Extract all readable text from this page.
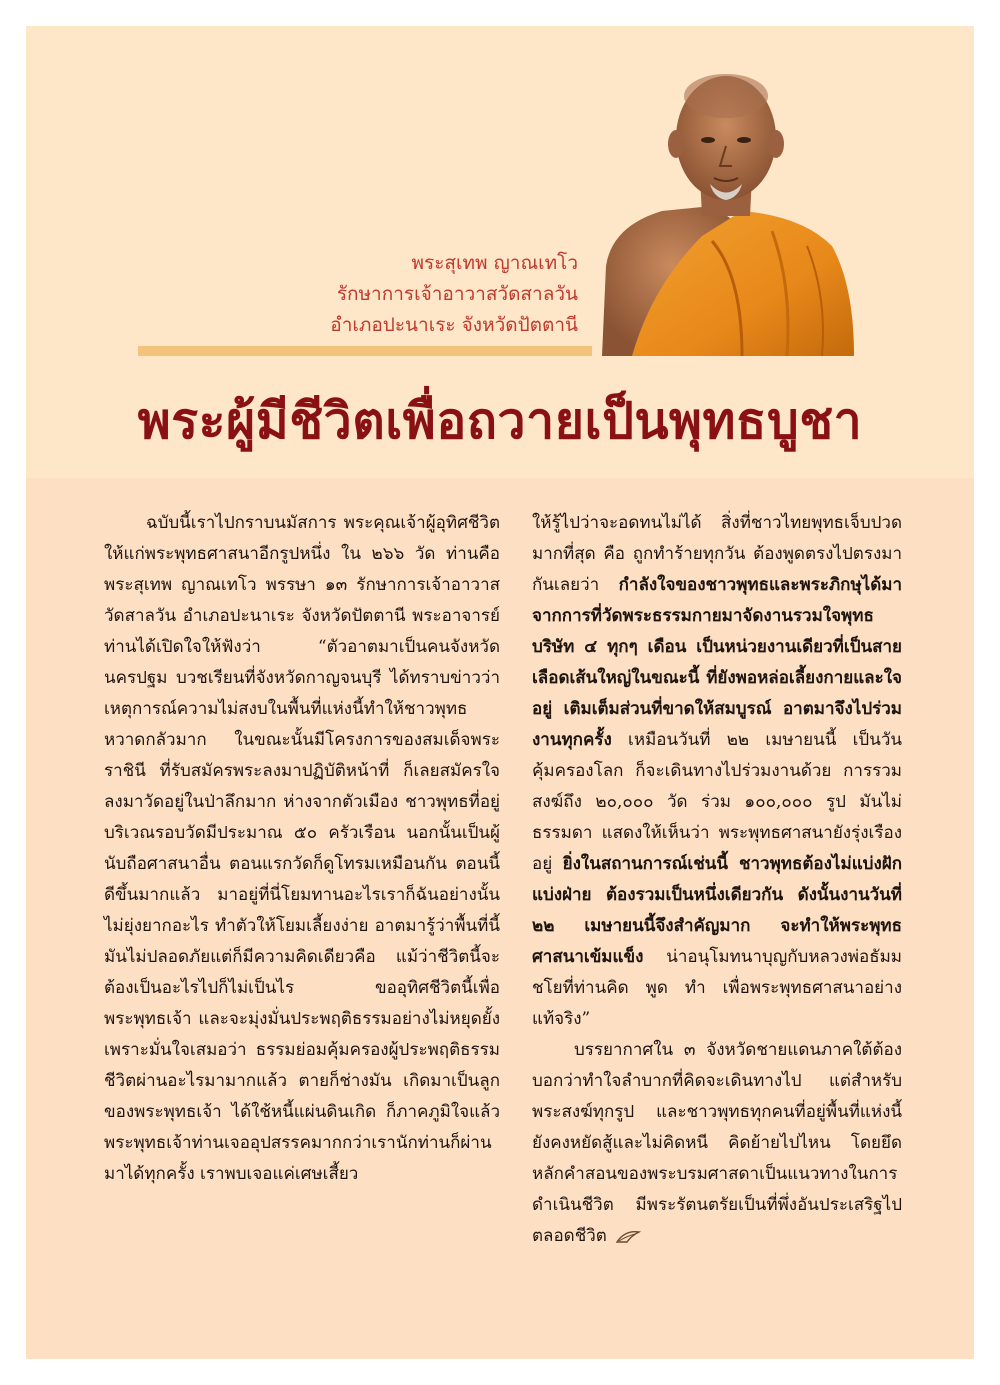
พระสุเทพ ญาณเทโว
รักษาการเจ้าอาวาสวัดสาลวัน
อำเภอปะนาเระ จังหวัดปัตตานี
พระผู้มีชีวิตเพื่อถวายเป็นพุทธบูชา

ฉบับนี้เราไปกราบนมัสการ พระคุณเจ้าผู้อุทิศชีวิตให้แก่พระพุทธศาสนาอีกรูปหนึ่ง ใน ๒๖๖ วัด ท่านคือ พระสุเทพ ญาณเทโว พรรษา ๑๓ รักษาการเจ้าอาวาสวัดสาลวัน อำเภอปะนาเระ จังหวัดปัตตานี พระอาจารย์ท่านได้เปิดใจให้ฟังว่า “ตัวอาตมาเป็นคนจังหวัดนครปฐม บวชเรียนที่จังหวัดกาญจนบุรี ได้ทราบข่าวว่าเหตุการณ์ความไม่สงบในพื้นที่แห่งนี้ทำให้ชาวพุทธหวาดกลัวมาก ในขณะนั้นมีโครงการของสมเด็จพระราชินี ที่รับสมัครพระลงมาปฏิบัติหน้าที่ ก็เลยสมัครใจลงมาวัดอยู่ในป่าลึกมาก ห่างจากตัวเมือง ชาวพุทธที่อยู่บริเวณรอบวัดมีประมาณ ๕๐ ครัวเรือน นอกนั้นเป็นผู้นับถือศาสนาอื่น ตอนแรกวัดก็ดูโทรมเหมือนกัน ตอนนี้ดีขึ้นมากแล้ว มาอยู่ที่นี่โยมทานอะไรเราก็ฉันอย่างนั้น ไม่ยุ่งยากอะไร ทำตัวให้โยมเลี้ยงง่าย อาตมารู้ว่าพื้นที่นี้มันไม่ปลอดภัยแต่ก็มีความคิดเดียวคือ แม้ว่าชีวิตนี้จะต้องเป็นอะไรไปก็ไม่เป็นไร ขออุทิศชีวิตนี้เพื่อพระพุทธเจ้า และจะมุ่งมั่นประพฤติธรรมอย่างไม่หยุดยั้ง เพราะมั่นใจเสมอว่า ธรรมย่อมคุ้มครองผู้ประพฤติธรรม ชีวิตผ่านอะไรมามากแล้ว ตายก็ช่างมัน เกิดมาเป็นลูกของพระพุทธเจ้า ได้ใช้หนี้แผ่นดินเกิด ก็ภาคภูมิใจแล้ว พระพุทธเจ้าท่านเจออุปสรรคมากกว่าเรานักท่านก็ผ่านมาได้ทุกครั้ง เราพบเจอแค่เศษเสี้ยว

ให้รู้ไปว่าจะอดทนไม่ได้ สิ่งที่ชาวไทยพุทธเจ็บปวดมากที่สุด คือ ถูกทำร้ายทุกวัน ต้องพูดตรงไปตรงมากันเลยว่า กำลังใจของชาวพุทธและพระภิกษุได้มาจากการที่วัดพระธรรมกายมาจัดงานรวมใจพุทธบริษัท ๔ ทุกๆ เดือน เป็นหน่วยงานเดียวที่เป็นสายเลือดเส้นใหญ่ในขณะนี้ ที่ยังพอหล่อเลี้ยงกายและใจอยู่ เติมเต็มส่วนที่ขาดให้สมบูรณ์ อาตมาจึงไปร่วมงานทุกครั้ง เหมือนวันที่ ๒๒ เมษายนนี้ เป็นวันคุ้มครองโลก ก็จะเดินทางไปร่วมงานด้วย การรวมสงฆ์ถึง ๒๐,๐๐๐ วัด ร่วม ๑๐๐,๐๐๐ รูป มันไม่ธรรมดา แสดงให้เห็นว่า พระพุทธศาสนายังรุ่งเรืองอยู่ ยิ่งในสถานการณ์เช่นนี้ ชาวพุทธต้องไม่แบ่งฝักแบ่งฝ่าย ต้องรวมเป็นหนึ่งเดียวกัน ดังนั้นงานวันที่ ๒๒ เมษายนนี้จึงสำคัญมาก จะทำให้พระพุทธศาสนาเข้มแข็ง น่าอนุโมทนาบุญกับหลวงพ่อธัมมชโยที่ท่านคิด พูด ทำ เพื่อพระพุทธศาสนาอย่างแท้จริง”

บรรยากาศใน ๓ จังหวัดชายแดนภาคใต้ต้องบอกว่าทำใจลำบากที่คิดจะเดินทางไป แต่สำหรับพระสงฆ์ทุกรูป และชาวพุทธทุกคนที่อยู่พื้นที่แห่งนี้ ยังคงหยัดสู้และไม่คิดหนี คิดย้ายไปไหน โดยยึดหลักคำสอนของพระบรมศาสดาเป็นแนวทางในการดำเนินชีวิต มีพระรัตนตรัยเป็นที่พึ่งอันประเสริฐไปตลอดชีวิต
